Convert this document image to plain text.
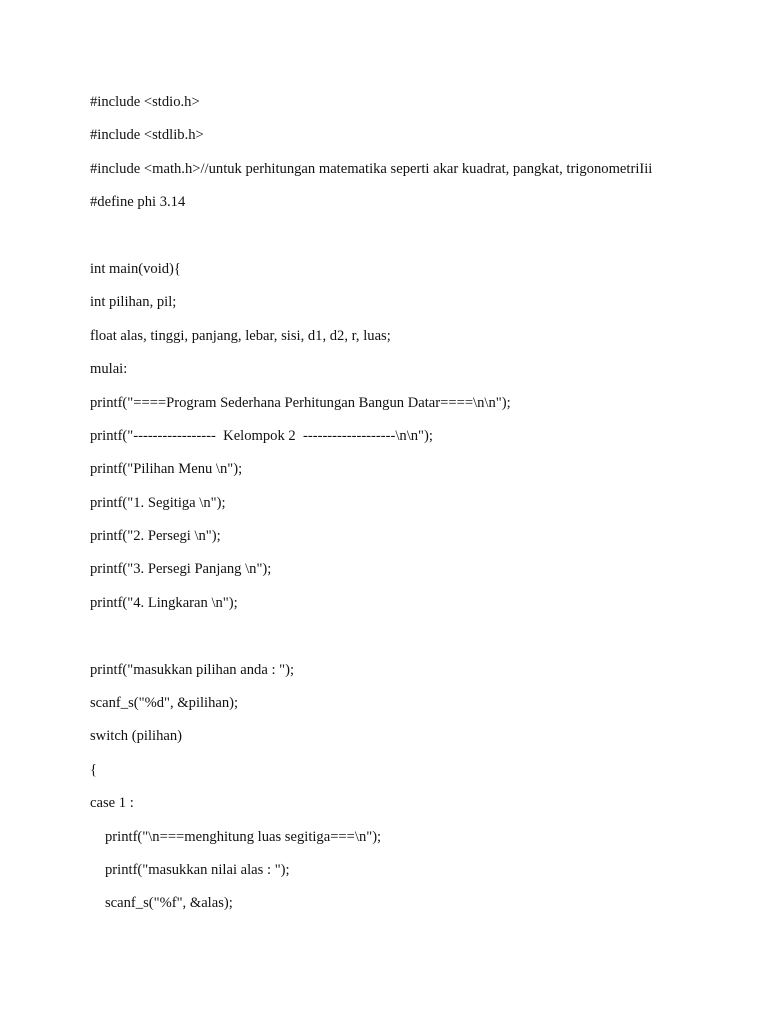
#include <stdio.h>
#include <stdlib.h>
#include <math.h>//untuk perhitungan matematika seperti akar kuadrat, pangkat, trigonometriIii
#define phi 3.14
int main(void){
int pilihan, pil;
float alas, tinggi, panjang, lebar, sisi, d1, d2, r, luas;
mulai:
printf("====Program Sederhana Perhitungan Bangun Datar====\n\n");
printf("-----------------  Kelompok 2  -------------------\n\n");
printf("Pilihan Menu \n");
printf("1. Segitiga \n");
printf("2. Persegi \n");
printf("3. Persegi Panjang \n");
printf("4. Lingkaran \n");
printf("masukkan pilihan anda : ");
scanf_s("%d", &pilihan);
switch (pilihan)
{
case 1 :
printf("\n===menghitung luas segitiga===\n");
printf("masukkan nilai alas : ");
scanf_s("%f", &alas);
